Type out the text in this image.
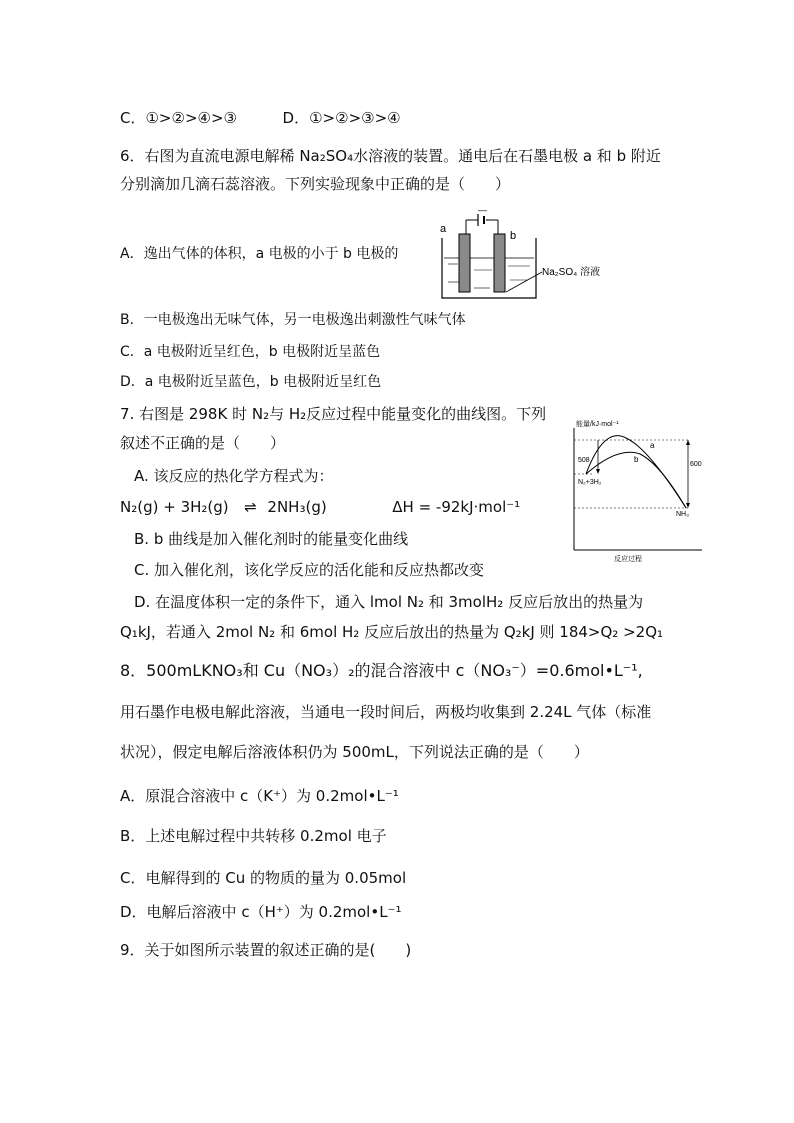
C．①>②>④>③	D．①>②>③>④
6．右图为直流电源电解稀 Na₂SO₄水溶液的装置。通电后在石墨电极 a 和 b 附近
分别滴加几滴石蕊溶液。下列实验现象中正确的是（　　）
A．逸出气体的体积，a 电极的小于 b 电极的
—
a
b
Na₂SO₄ 溶液
B．一电极逸出无味气体，另一电极逸出刺激性气味气体
C．a 电极附近呈红色，b 电极附近呈蓝色
D．a 电极附近呈蓝色，b 电极附近呈红色
7. 右图是 298K 时 N₂与 H₂反应过程中能量变化的曲线图。下列
叙述不正确的是（　　）
A. 该反应的热化学方程式为：
N₂(g) + 3H₂(g) ⇌ 2NH₃(g)	ΔH = -92kJ·mol⁻¹
B. b 曲线是加入催化剂时的能量变化曲线
C. 加入催化剂，该化学反应的活化能和反应热都改变
D. 在温度体积一定的条件下，通入 lmol N₂ 和 3molH₂ 反应后放出的热量为
Q₁kJ，若通入 2mol N₂ 和 6mol H₂ 反应后放出的热量为 Q₂kJ 则 184>Q₂ >2Q₁
能量/kJ·mol⁻¹
反应过程
508
600
N₂+3H₂
NH₃
a
b
8．500mLKNO₃和 Cu（NO₃）₂的混合溶液中 c（NO₃⁻）=0.6mol•L⁻¹,
用石墨作电极电解此溶液，当通电一段时间后，两极均收集到 2.24L 气体（标准
状况），假定电解后溶液体积仍为 500mL，下列说法正确的是（　　）
A．原混合溶液中 c（K⁺）为 0.2mol•L⁻¹
B．上述电解过程中共转移 0.2mol 电子
C．电解得到的 Cu 的物质的量为 0.05mol
D．电解后溶液中 c（H⁺）为 0.2mol•L⁻¹
9．关于如图所示装置的叙述正确的是(　　)
